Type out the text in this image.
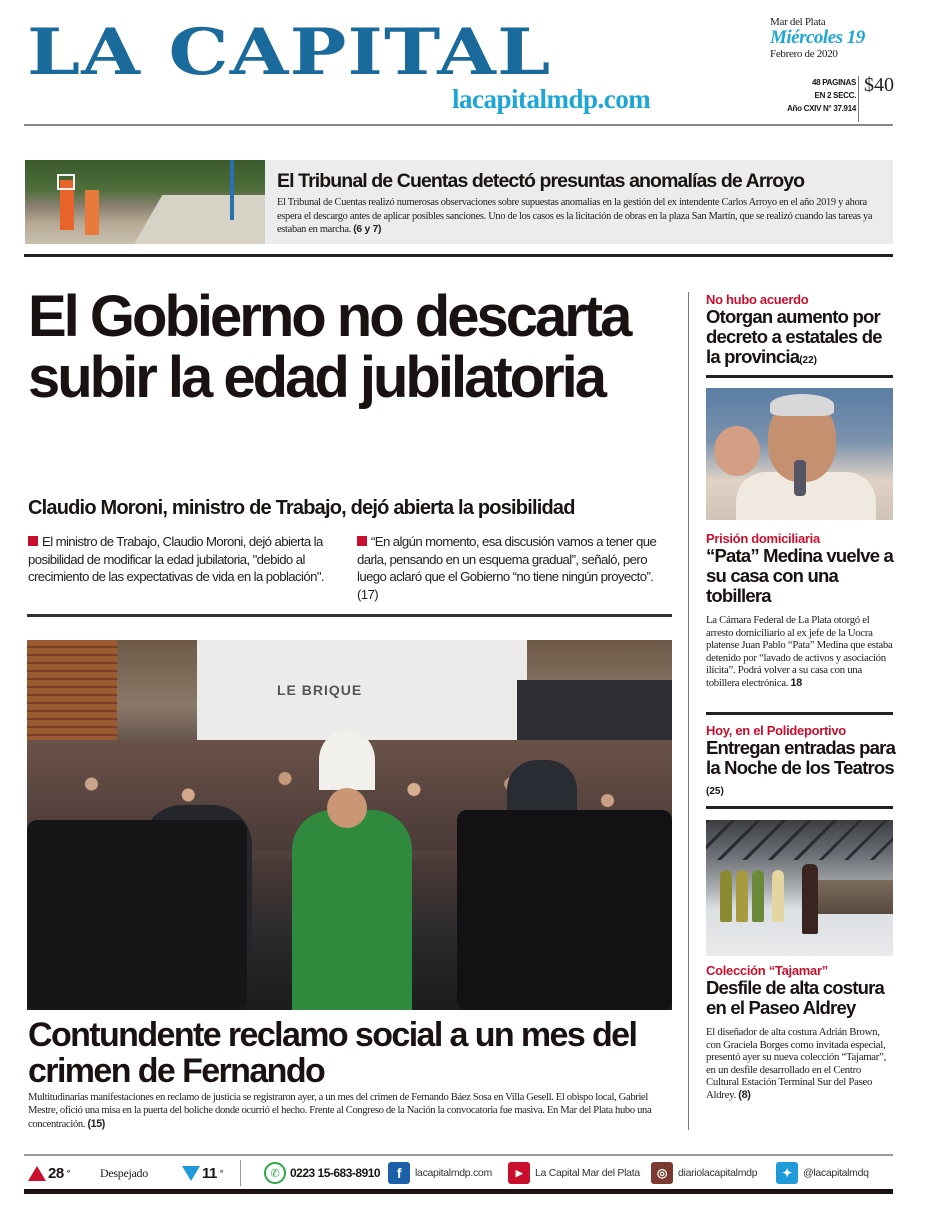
LA CAPITAL
lacapitalmdp.com
Mar del Plata
Miércoles 19
Febrero de 2020
48 PAGINAS
EN 2 SECC.
Año CXIV N° 37.914
$40
El Tribunal de Cuentas detectó presuntas anomalías de Arroyo
El Tribunal de Cuentas realizó numerosas observaciones sobre supuestas anomalías en la gestión del ex intendente Carlos Arroyo en el año 2019 y ahora espera el descargo antes de aplicar posibles sanciones. Uno de los casos es la licitación de obras en la plaza San Martín, que se realizó cuando las tareas ya estaban en marcha. (6 y 7)
El Gobierno no descarta subir la edad jubilatoria
Claudio Moroni, ministro de Trabajo, dejó abierta la posibilidad
El ministro de Trabajo, Claudio Moroni, dejó abierta la posibilidad de modificar la edad jubilatoria, "debido al crecimiento de las expectativas de vida en la población".
“En algún momento, esa discusión vamos a tener que darla, pensando en un esquema gradual”, señaló, pero luego aclaró que el Gobierno “no tiene ningún proyecto”. (17)
LE BRIQUE
Contundente reclamo social a un mes del crimen de Fernando
Multitudinarias manifestaciones en reclamo de justicia se registraron ayer, a un mes del crimen de Fernando Báez Sosa en Villa Gesell. El obispo local, Gabriel Mestre, ofició una misa en la puerta del boliche donde ocurrió el hecho. Frente al Congreso de la Nación la convocatoria fue masiva. En Mar del Plata hubo una concentración. (15)
No hubo acuerdo
Otorgan aumento por decreto a estatales de la provincia(22)
Prisión domiciliaria
“Pata” Medina vuelve a su casa con una tobillera
La Cámara Federal de La Plata otorgó el arresto domiciliario al ex jefe de la Uocra platense Juan Pablo “Pata” Medina que estaba detenido por “lavado de activos y asociación ilícita”. Podrá volver a su casa con una tobillera electrónica. 18
Hoy, en el Polideportivo
Entregan entradas para la Noche de los Teatros (25)
Colección “Tajamar”
Desfile de alta costura en el Paseo Aldrey
El diseñador de alta costura Adrián Brown, con Graciela Borges como invitada especial, presentó ayer su nueva colección “Tajamar”, en un desfile desarrollado en el Centro Cultural Estación Terminal Sur del Paseo Aldrey. (8)
28 °	Despejado	11 °	✆ 0223 15-683-8910	f	lacapitalmdp.com	▶	La Capital Mar del Plata	◎	diariolacapitalmdp	✦	@lacapitalmdq
